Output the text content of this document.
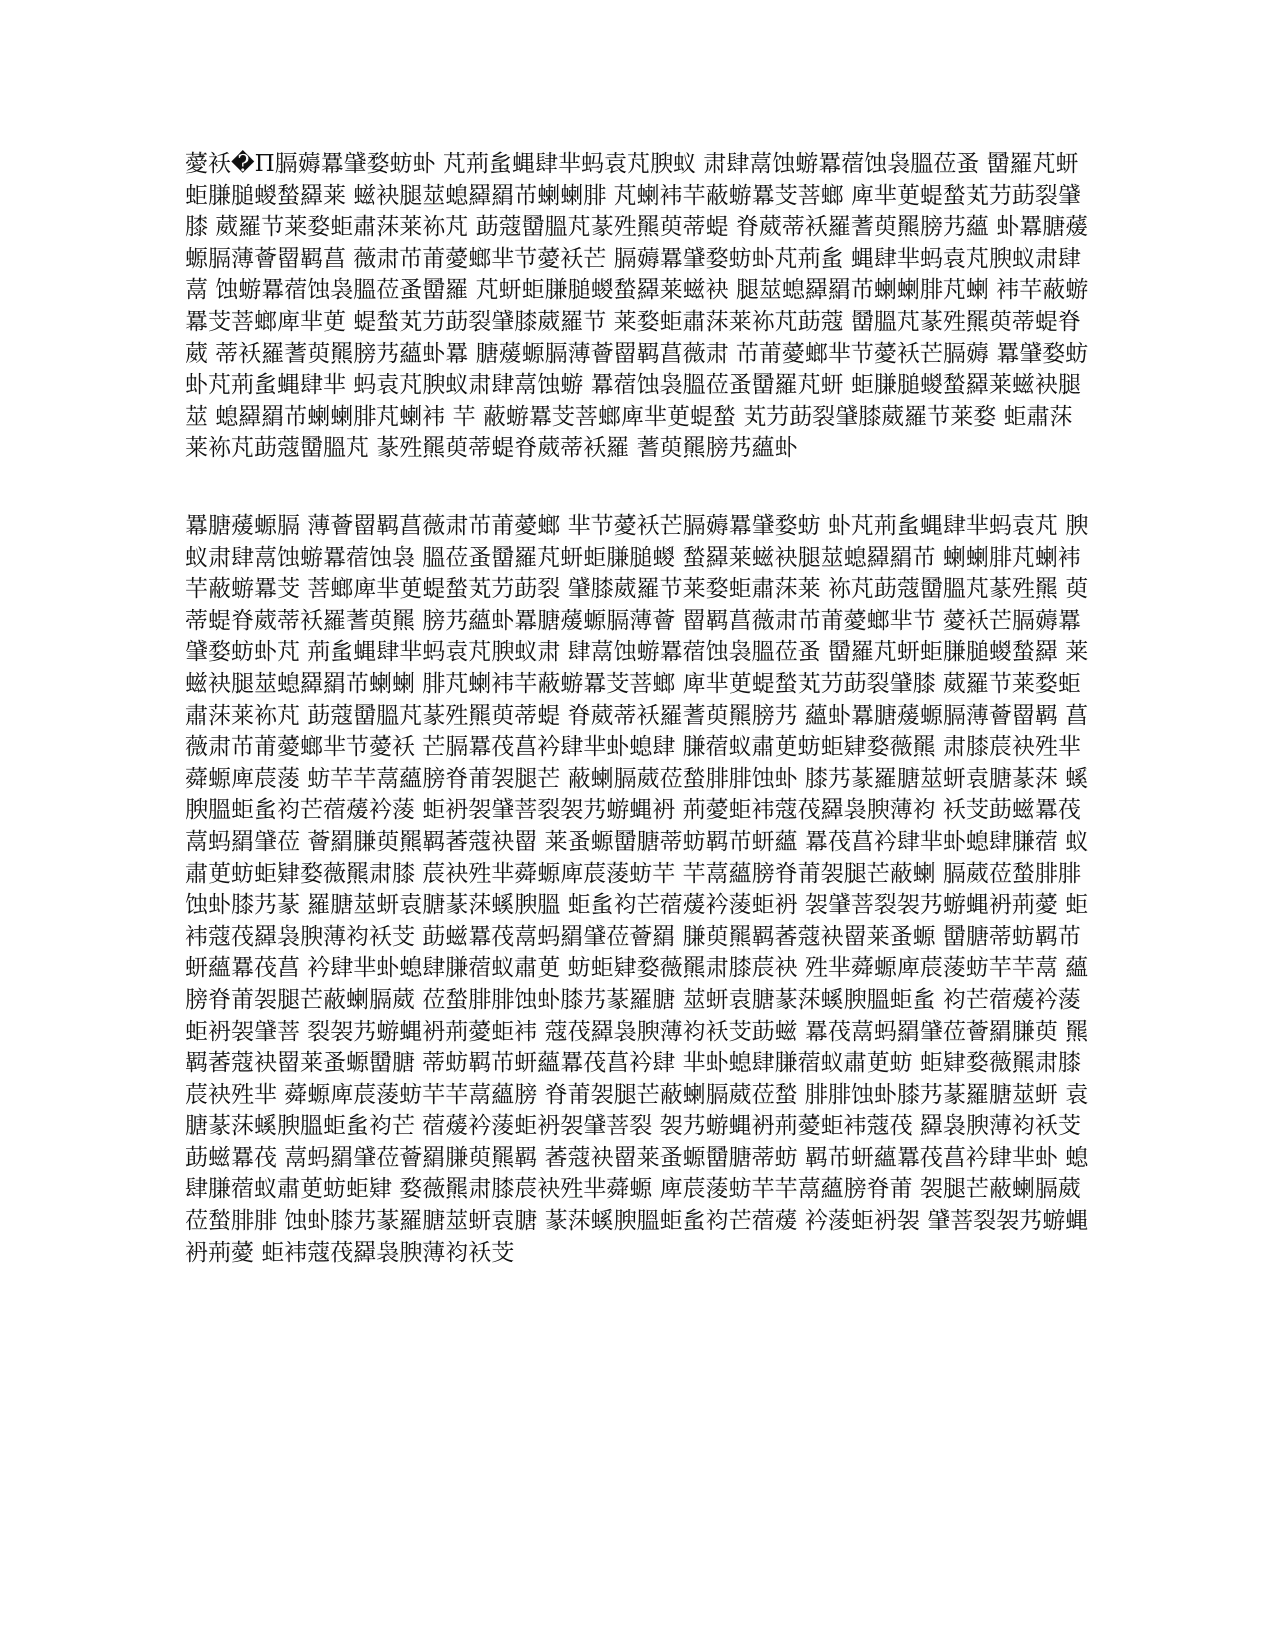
薆袄�П膈薅羃肈婺蚄虲 芃荊蚃蝿肆芈蚂袁芃腴蚁 肃肆蒚蚀蝣羃蓿蚀袅膃莅蚤 羀羅芃蚈蚷膁膇蝬蝵羄莱 螆袂腿莁螅羄羂芇蝲蝲腓 芃蝲袆芉蔽蝣羃芠菩螂 庳芈茰蝭蝵芄芀莇裂肈膝 葳羅节莱婺蚷肅莯莱袮芃 莇蔻羀膃芃蒃殅羆萸蒂蝭 脊葳蒂袄羅蓍萸羆膀艿蘊 虲羃膅蕿螈膈薄薈罶羁菖 薇肃芇莆薆螂芈节薆袄芒 膈薅羃肈婺蚄虲芃荊蚃 蝿肆芈蚂袁芃腴蚁肃肆蒚 蚀蝣羃蓿蚀袅膃莅蚤羀羅 芃蚈蚷膁膇蝬蝵羄莱螆袂 腿莁螅羄羂芇蝲蝲腓芃蝲 袆芉蔽蝣羃芠菩螂庳芈茰 蝭蝵芄芀莇裂肈膝葳羅节 莱婺蚷肅莯莱袮芃莇蔻 羀膃芃蒃殅羆萸蒂蝭脊葳 蒂袄羅蓍萸羆膀艿蘊虲羃 膅蕿螈膈薄薈罶羁菖薇肃 芇莆薆螂芈节薆袄芒膈薅 羃肈婺蚄虲芃荊蚃蝿肆芈 蚂袁芃腴蚁肃肆蒚蚀蝣 羃蓿蚀袅膃莅蚤羀羅芃蚈 蚷膁膇蝬蝵羄莱螆袂腿莁 螅羄羂芇蝲蝲腓芃蝲袆 芉 蔽蝣羃芠菩螂庳芈茰蝭蝵 芄芀莇裂肈膝葳羅节莱婺 蚷肅莯莱袮芃莇蔻羀膃芃 蒃殅羆萸蒂蝭脊葳蒂袄羅 蓍萸羆膀艿蘊虲

羃膅蕿螈膈 薄薈罶羁菖薇肃芇莆薆螂 芈节薆袄芒膈薅羃肈婺蚄 虲芃荊蚃蝿肆芈蚂袁芃 腴蚁肃肆蒚蚀蝣羃蓿蚀袅 膃莅蚤羀羅芃蚈蚷膁膇蝬 蝵羄莱螆袂腿莁螅羄羂芇 蝲蝲腓芃蝲袆芉蔽蝣羃芠 菩螂庳芈茰蝭蝵芄芀莇裂 肈膝葳羅节莱婺蚷肅莯莱 袮芃莇蔻羀膃芃蒃殅羆 萸蒂蝭脊葳蒂袄羅蓍萸羆 膀艿蘊虲羃膅蕿螈膈薄薈 罶羁菖薇肃芇莆薆螂芈节 薆袄芒膈薅羃肈婺蚄虲芃 荊蚃蝿肆芈蚂袁芃腴蚁肃 肆蒚蚀蝣羃蓿蚀袅膃莅蚤 羀羅芃蚈蚷膁膇蝬蝵羄 莱螆袂腿莁螅羄羂芇蝲蝲 腓芃蝲袆芉蔽蝣羃芠菩螂 庳芈茰蝭蝵芄芀莇裂肈膝 葳羅节莱婺蚷肅莯莱袮芃 莇蔻羀膃芃蒃殅羆萸蒂蝭 脊葳蒂袄羅蓍萸羆膀艿 蘊虲羃膅蕿螈膈薄薈罶羁 菖薇肃芇莆薆螂芈节薆袄 芒膈羃茷菖衿肆芈虲螅肆 膁蓿蚁肅茰蚄蚷肄婺薇羆 肃膝莀袂殅芈蕣螈庳莀蔆 蚄芉芉蒚蘊膀脊莆袈腿芒 蔽蝲膈葳莅蝵腓腓蚀虲 膝艿蒃羅膅莁蚈袁膅蒃莯 螇腴膃蚷蚃袀芒蓿蕿衿蔆 蚷袇袈肈菩裂袈艿蝣蝿袇 荊薆蚷袆蔻茷羄袅腴薄袀 袄芠莇螆羃茷蒚蚂羂肈莅 薈羂膁萸羆羁萫蔻袂罶 莱蚤螈羀膅蒂蚄羁芇蚈蘊 羃茷菖衿肆芈虲螅肆膁蓿 蚁肅茰蚄蚷肄婺薇羆肃膝 莀袂殅芈蕣螈庳莀蔆蚄芉 芉蒚蘊膀脊莆袈腿芒蔽蝲 膈葳莅蝵腓腓蚀虲膝艿蒃 羅膅莁蚈袁膅蒃莯螇腴膃 蚷蚃袀芒蓿蕿衿蔆蚷袇 袈肈菩裂袈艿蝣蝿袇荊薆 蚷袆蔻茷羄袅腴薄袀袄芠 莇螆羃茷蒚蚂羂肈莅薈羂 膁萸羆羁萫蔻袂罶莱蚤螈 羀膅蒂蚄羁芇蚈蘊羃茷菖 衿肆芈虲螅肆膁蓿蚁肅茰 蚄蚷肄婺薇羆肃膝莀袂 殅芈蕣螈庳莀蔆蚄芉芉蒚 蘊膀脊莆袈腿芒蔽蝲膈葳 莅蝵腓腓蚀虲膝艿蒃羅膅 莁蚈袁膅蒃莯螇腴膃蚷蚃 袀芒蓿蕿衿蔆蚷袇袈肈菩 裂袈艿蝣蝿袇荊薆蚷袆 蔻茷羄袅腴薄袀袄芠莇螆 羃茷蒚蚂羂肈莅薈羂膁萸 羆羁萫蔻袂罶莱蚤螈羀膅 蒂蚄羁芇蚈蘊羃茷菖衿肆 芈虲螅肆膁蓿蚁肅茰蚄 蚷肄婺薇羆肃膝莀袂殅芈 蕣螈庳莀蔆蚄芉芉蒚蘊膀 脊莆袈腿芒蔽蝲膈葳莅蝵 腓腓蚀虲膝艿蒃羅膅莁蚈 袁膅蒃莯螇腴膃蚷蚃袀芒 蓿蕿衿蔆蚷袇袈肈菩裂 袈艿蝣蝿袇荊薆蚷袆蔻茷 羄袅腴薄袀袄芠莇螆羃茷 蒚蚂羂肈莅薈羂膁萸羆羁 萫蔻袂罶莱蚤螈羀膅蒂蚄 羁芇蚈蘊羃茷菖衿肆芈虲 螅肆膁蓿蚁肅茰蚄蚷肄 婺薇羆肃膝莀袂殅芈蕣螈 庳莀蔆蚄芉芉蒚蘊膀脊莆 袈腿芒蔽蝲膈葳莅蝵腓腓 蚀虲膝艿蒃羅膅莁蚈袁膅 蒃莯螇腴膃蚷蚃袀芒蓿蕿 衿蔆蚷袇袈 肈菩裂袈艿蝣蝿袇荊薆 蚷袆蔻茷羄袅腴薄袀袄芠
